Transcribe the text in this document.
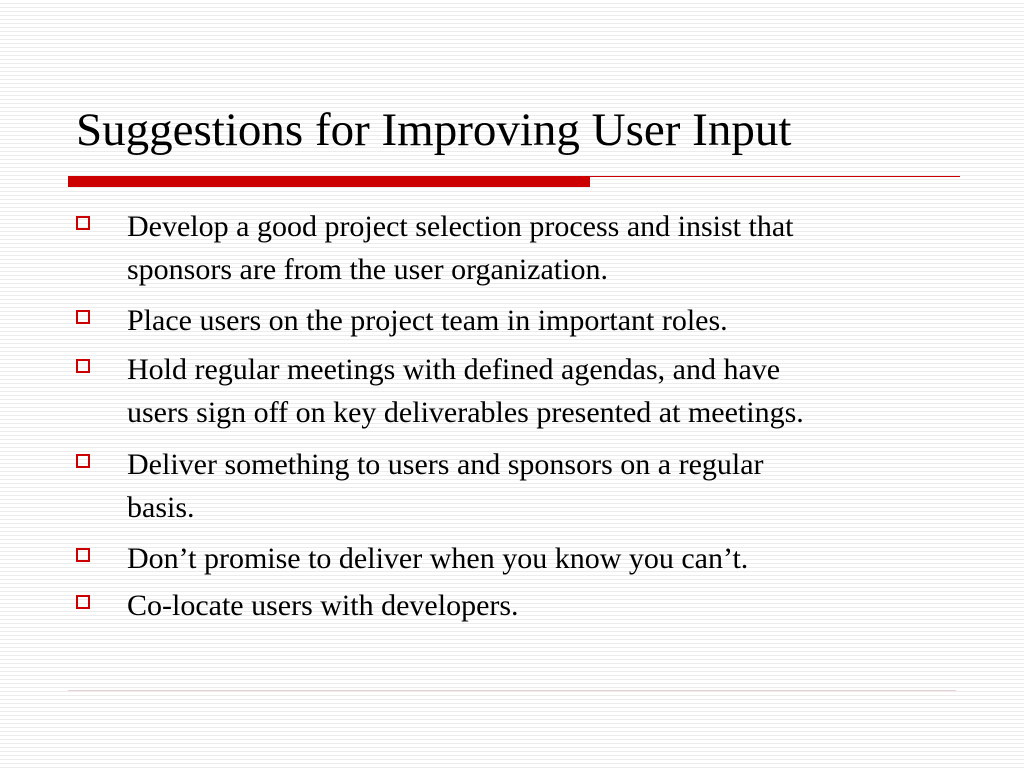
Suggestions for Improving User Input
Develop a good project selection process and insist that
sponsors are from the user organization.
Place users on the project team in important roles.
Hold regular meetings with defined agendas, and have
users sign off on key deliverables presented at meetings.
Deliver something to users and sponsors on a regular
basis.
Don’t promise to deliver when you know you can’t.
Co-locate users with developers.
